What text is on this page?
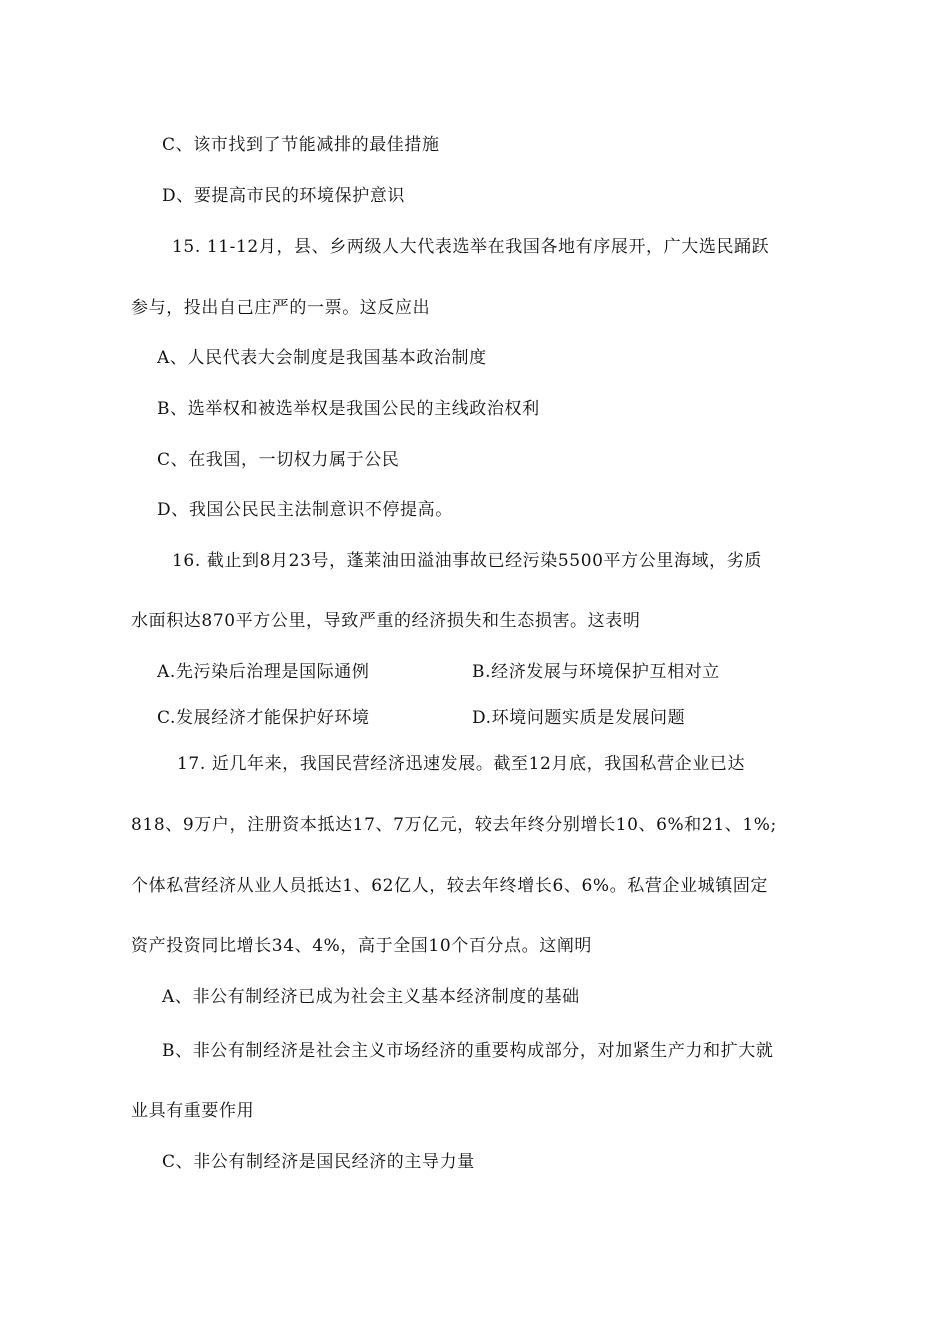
C、该市找到了节能减排的最佳措施
D、要提高市民的环境保护意识
15. 11-12月，县、乡两级人大代表选举在我国各地有序展开，广大选民踊跃
参与，投出自己庄严的一票。这反应出
A、人民代表大会制度是我国基本政治制度
B、选举权和被选举权是我国公民的主线政治权利
C、在我国，一切权力属于公民
D、我国公民民主法制意识不停提高。
16. 截止到8月23号，蓬莱油田溢油事故已经污染5500平方公里海域，劣质
水面积达870平方公里，导致严重的经济损失和生态损害。这表明
A.先污染后治理是国际通例	B.经济发展与环境保护互相对立
C.发展经济才能保护好环境	D.环境问题实质是发展问题
17. 近几年来，我国民营经济迅速发展。截至12月底，我国私营企业已达
818、9万户，注册资本抵达17、7万亿元，较去年终分别增长10、6%和21、1%;
个体私营经济从业人员抵达1、62亿人，较去年终增长6、6%。私营企业城镇固定
资产投资同比增长34、4%，高于全国10个百分点。这阐明
A、非公有制经济已成为社会主义基本经济制度的基础
B、非公有制经济是社会主义市场经济的重要构成部分，对加紧生产力和扩大就
业具有重要作用
C、非公有制经济是国民经济的主导力量
